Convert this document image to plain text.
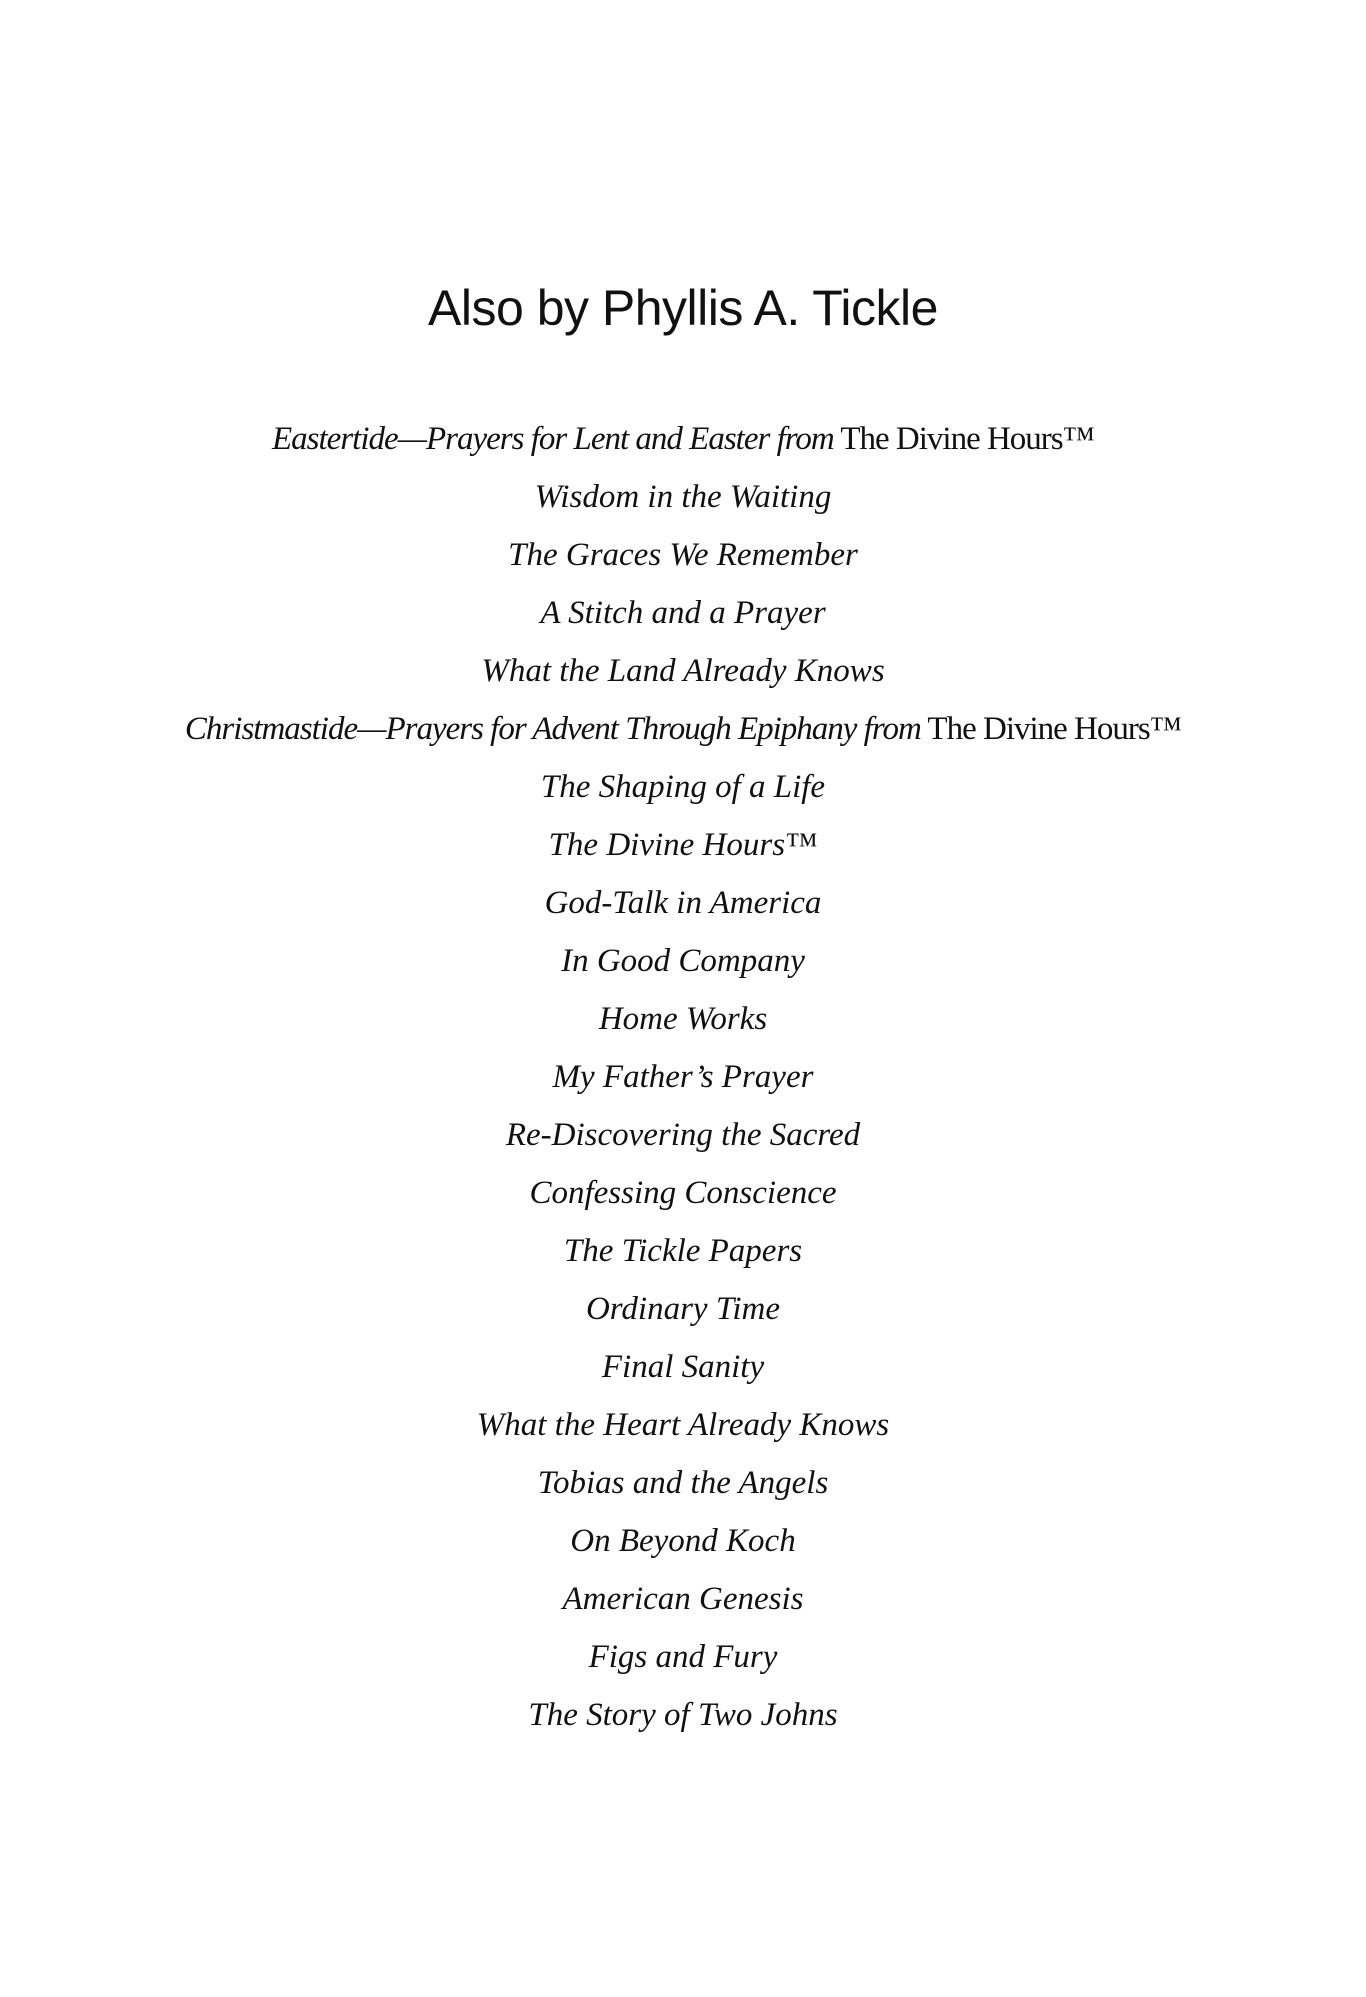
Also by Phyllis A. Tickle
Eastertide—Prayers for Lent and Easter from The Divine Hours™
Wisdom in the Waiting
The Graces We Remember
A Stitch and a Prayer
What the Land Already Knows
Christmastide—Prayers for Advent Through Epiphany from The Divine Hours™
The Shaping of a Life
The Divine Hours™
God-Talk in America
In Good Company
Home Works
My Father’s Prayer
Re-Discovering the Sacred
Confessing Conscience
The Tickle Papers
Ordinary Time
Final Sanity
What the Heart Already Knows
Tobias and the Angels
On Beyond Koch
American Genesis
Figs and Fury
The Story of Two Johns
